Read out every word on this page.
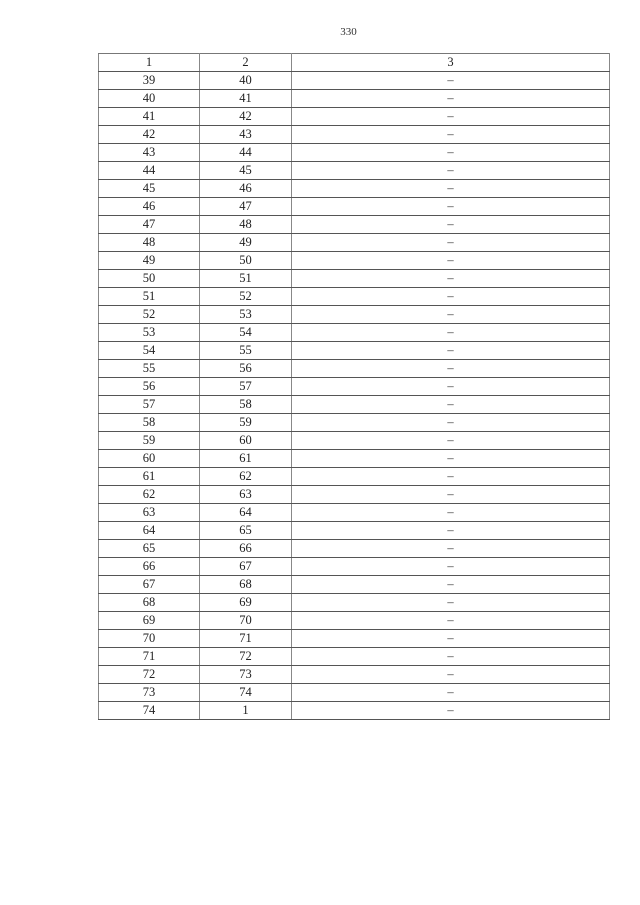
330
1	2	3
39	40	–
40	41	–
41	42	–
42	43	–
43	44	–
44	45	–
45	46	–
46	47	–
47	48	–
48	49	–
49	50	–
50	51	–
51	52	–
52	53	–
53	54	–
54	55	–
55	56	–
56	57	–
57	58	–
58	59	–
59	60	–
60	61	–
61	62	–
62	63	–
63	64	–
64	65	–
65	66	–
66	67	–
67	68	–
68	69	–
69	70	–
70	71	–
71	72	–
72	73	–
73	74	–
74	1	–
